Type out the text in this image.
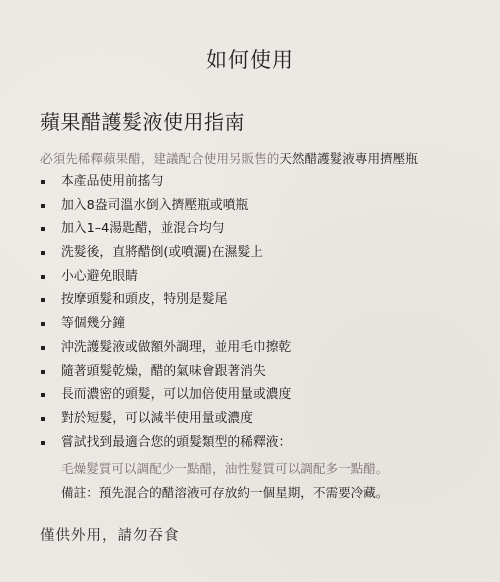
如何使用
蘋果醋護髮液使用指南
必須先稀釋蘋果醋，建議配合使用另販售的天然醋護髮液專用擠壓瓶
本產品使用前搖勻
加入8盎司溫水倒入擠壓瓶或噴瓶
加入1–4湯匙醋，並混合均勻
洗髮後，直將醋倒(或噴灑)在濕髮上
小心避免眼睛
按摩頭髮和頭皮，特別是髮尾
等個幾分鐘
沖洗護髮液或做額外調理，並用毛巾擦乾
隨著頭髮乾燥，醋的氣味會跟著消失
長而濃密的頭髮，可以加倍使用量或濃度
對於短髮，可以減半使用量或濃度
嘗試找到最適合您的頭髮類型的稀釋液：
毛燥髮質可以調配少一點醋，油性髮質可以調配多一點醋。
備註：預先混合的醋溶液可存放約一個星期，不需要冷藏。
僅供外用，請勿吞食
